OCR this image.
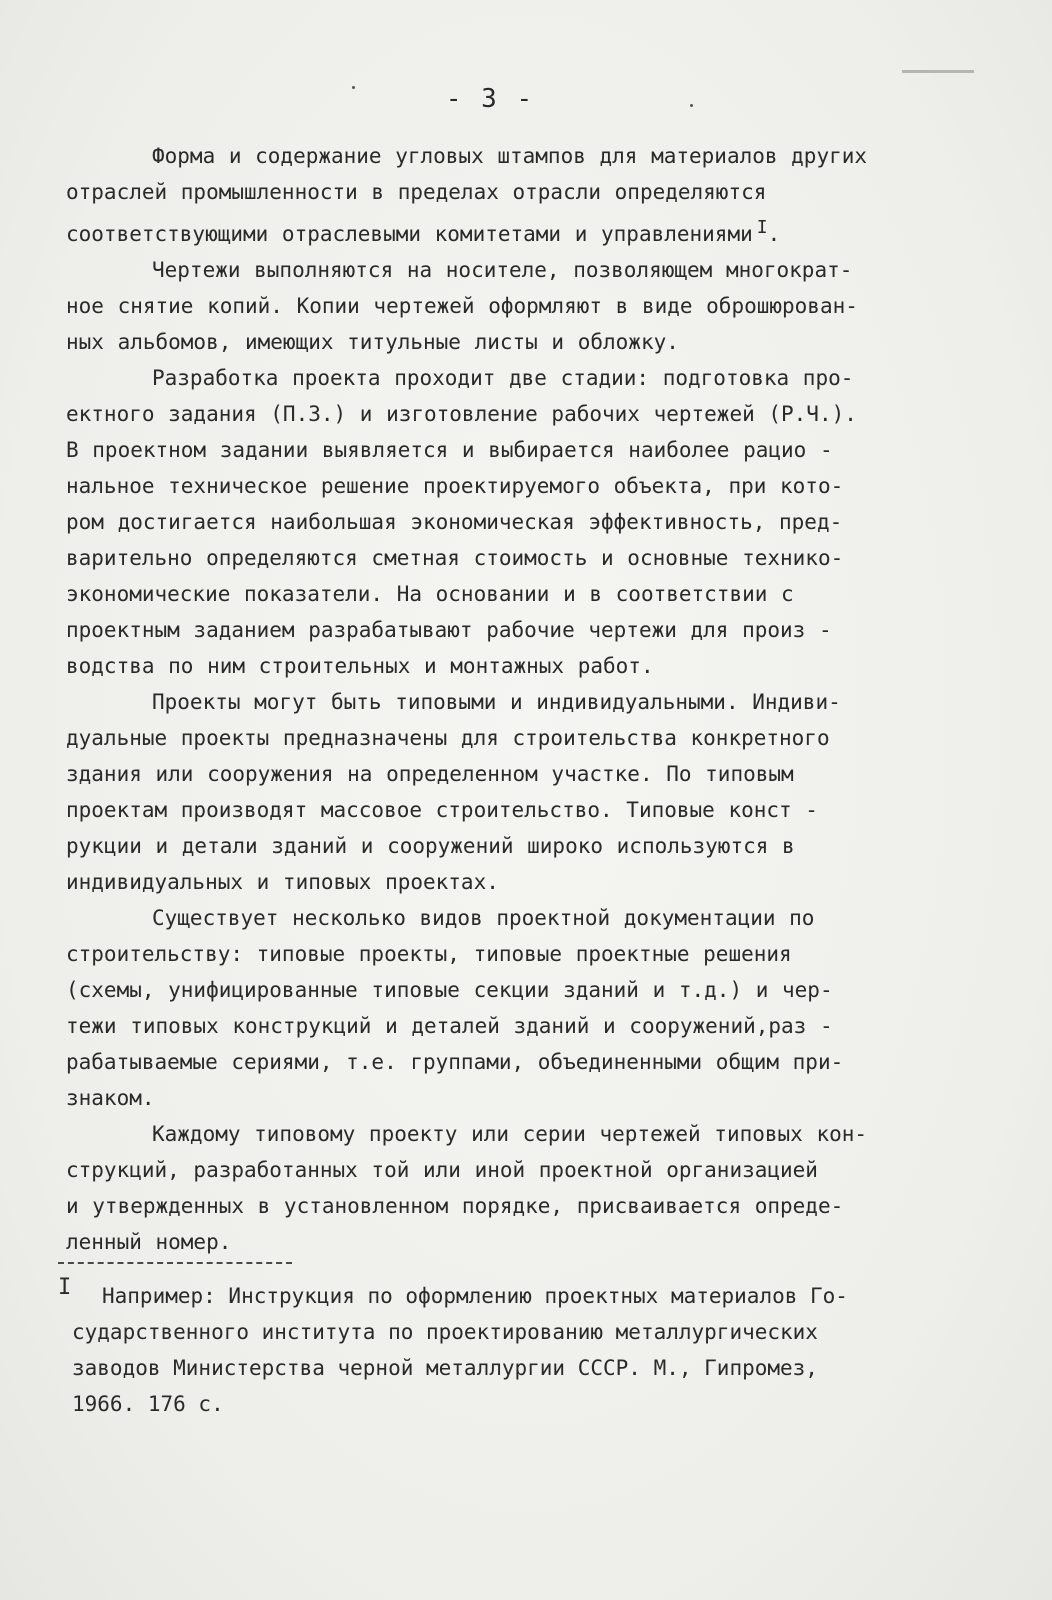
- 3 -
Форма и содержание угловых штампов для материалов других
отраслей промышленности в пределах отрасли определяются
соответствующими отраслевыми комитетами и управлениями I.
Чертежи выполняются на носителе, позволяющем многократ-
ное снятие копий. Копии чертежей оформляют в виде оброшюрован-
ных альбомов, имеющих титульные листы и обложку.
Разработка проекта проходит две стадии: подготовка про-
ектного задания (П.З.) и изготовление рабочих чертежей (Р.Ч.).
В проектном задании выявляется и выбирается наиболее рацио -
нальное техническое решение проектируемого объекта, при кото-
ром достигается наибольшая экономическая эффективность, пред-
варительно определяются сметная стоимость и основные технико-
экономические показатели. На основании и в соответствии с
проектным заданием разрабатывают рабочие чертежи для произ -
водства по ним строительных и монтажных работ.
Проекты могут быть типовыми и индивидуальными. Индиви-
дуальные проекты предназначены для строительства конкретного
здания или сооружения на определенном участке. По типовым
проектам производят массовое строительство. Типовые конст -
рукции и детали зданий и сооружений широко используются в
индивидуальных и типовых проектах.
Существует несколько видов проектной документации по
строительству: типовые проекты, типовые проектные решения
(схемы, унифицированные типовые секции зданий и т.д.) и чер-
тежи типовых конструкций и деталей зданий и сооружений,раз -
рабатываемые сериями, т.е. группами, объединенными общим при-
знаком.
Каждому типовому проекту или серии чертежей типовых кон-
струкций, разработанных той или иной проектной организацией
и утвержденных в установленном порядке, присваивается опреде-
ленный номер.
I Например: Инструкция по оформлению проектных материалов Го-
сударственного института по проектированию металлургических
заводов Министерства черной металлургии СССР. М., Гипромез,
1966. 176 с.
